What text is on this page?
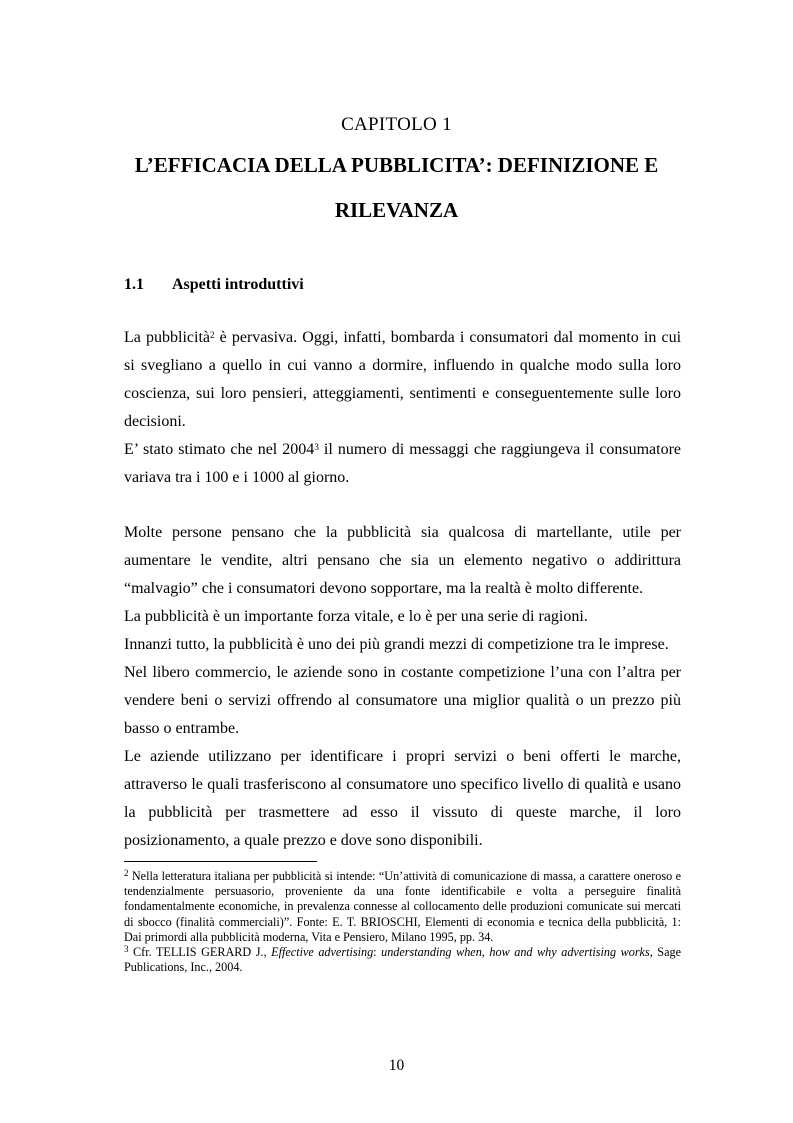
CAPITOLO 1
L’EFFICACIA DELLA PUBBLICITA’: DEFINIZIONE E
RILEVANZA
1.1 Aspetti introduttivi

La pubblicità$^2$ è pervasiva. Oggi, infatti, bombarda i consumatori dal momento in cui si svegliano a quello in cui vanno a dormire, influendo in qualche modo sulla loro coscienza, sui loro pensieri, atteggiamenti, sentimenti e conseguentemente sulle loro decisioni.

E’ stato stimato che nel 2004$^3$ il numero di messaggi che raggiungeva il consumatore variava tra i 100 e i 1000 al giorno.

Molte persone pensano che la pubblicità sia qualcosa di martellante, utile per aumentare le vendite, altri pensano che sia un elemento negativo o addirittura “malvagio” che i consumatori devono sopportare, ma la realtà è molto differente.

La pubblicità è un importante forza vitale, e lo è per una serie di ragioni.

Innanzi tutto, la pubblicità è uno dei più grandi mezzi di competizione tra le imprese.

Nel libero commercio, le aziende sono in costante competizione l’una con l’altra per vendere beni o servizi offrendo al consumatore una miglior qualità o un prezzo più basso o entrambe.

Le aziende utilizzano per identificare i propri servizi o beni offerti le marche, attraverso le quali trasferiscono al consumatore uno specifico livello di qualità e usano la pubblicità per trasmettere ad esso il vissuto di queste marche, il loro posizionamento, a quale prezzo e dove sono disponibili.

$^2$ Nella letteratura italiana per pubblicità si intende: “Un’attività di comunicazione di massa, a carattere oneroso e tendenzialmente persuasorio, proveniente da una fonte identificabile e volta a perseguire finalità fondamentalmente economiche, in prevalenza connesse al collocamento delle produzioni comunicate sui mercati di sbocco (finalità commerciali)”. Fonte: E. T. BRIOSCHI, Elementi di economia e tecnica della pubblicità, 1: Dai primordi alla pubblicità moderna, Vita e Pensiero, Milano 1995, pp. 34.

$^3$ Cfr. TELLIS GERARD J., Effective advertising: understanding when, how and why advertising works, Sage Publications, Inc., 2004.

10
